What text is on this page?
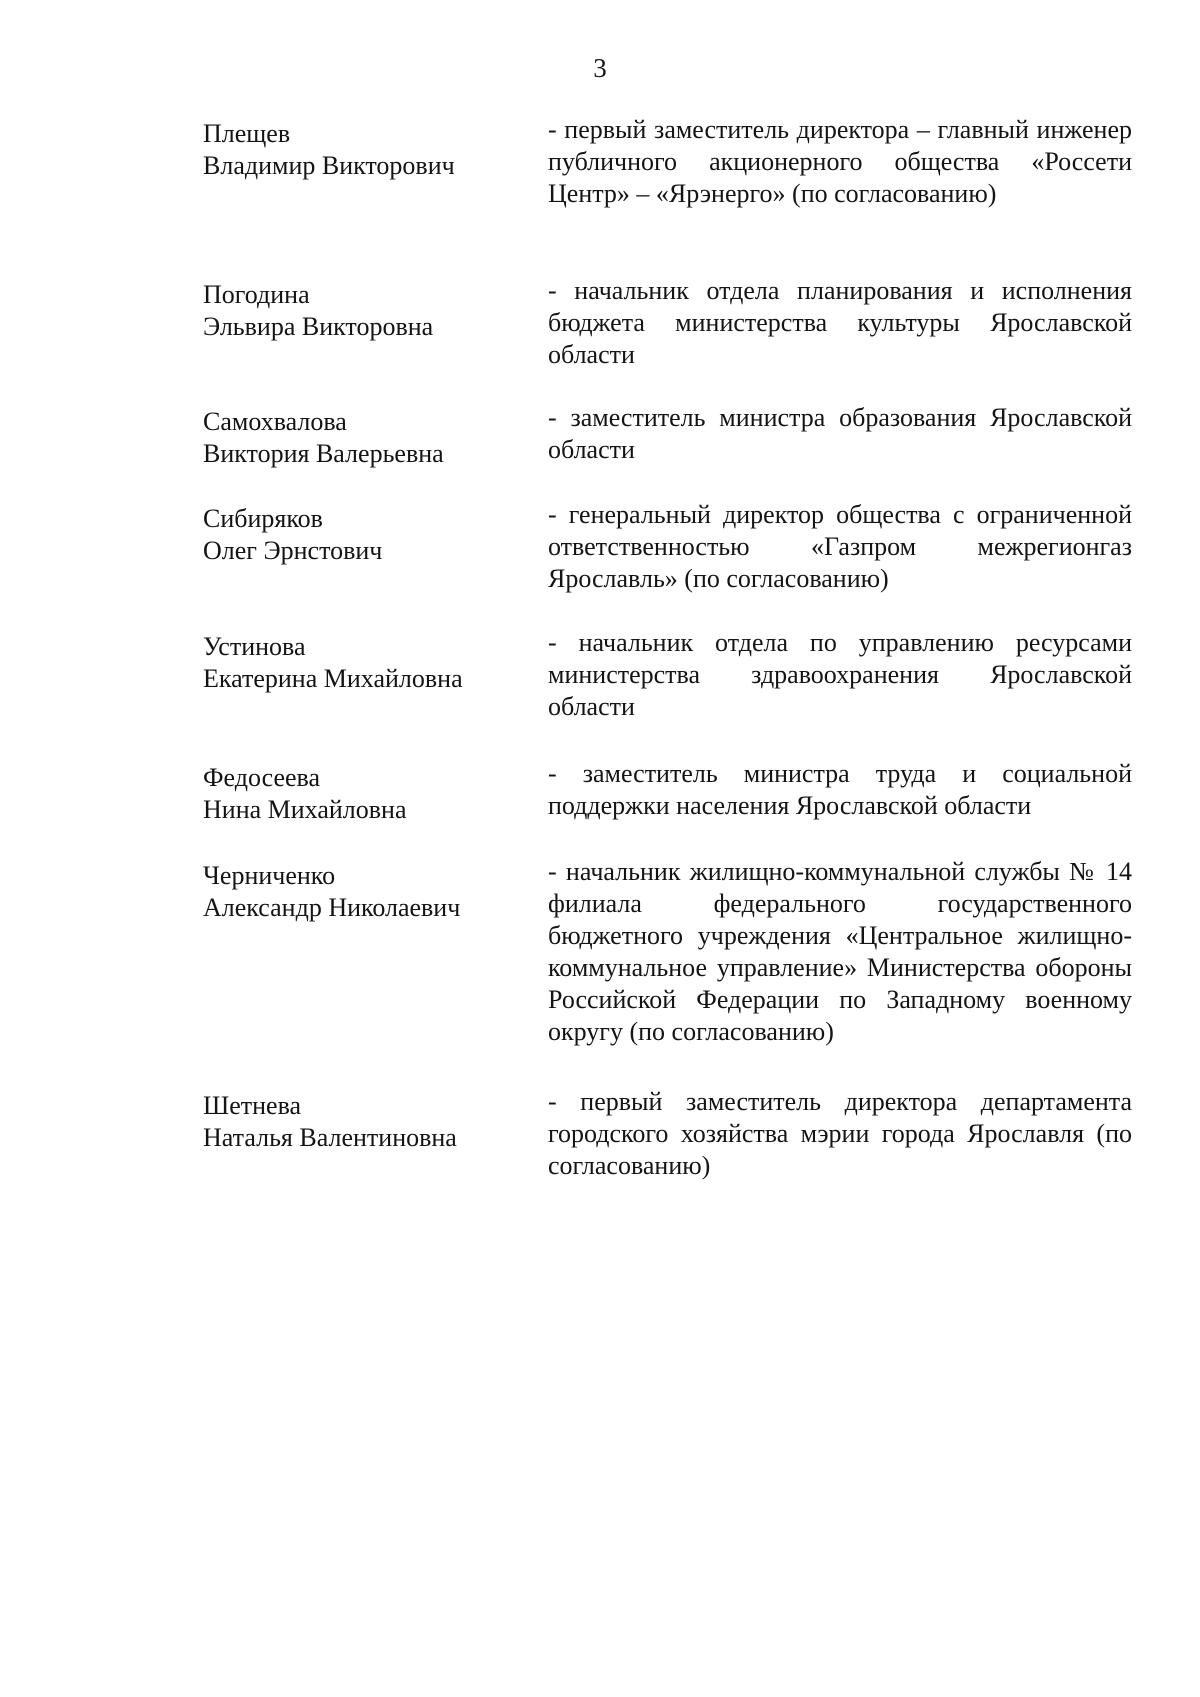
3
Плещев
Владимир Викторович
- первый заместитель директора – главный инженер публичного акционерного общества «Россети Центр» – «Ярэнерго» (по согласованию)
Погодина
Эльвира Викторовна
- начальник отдела планирования и исполнения бюджета министерства культуры Ярославской области
Самохвалова
Виктория Валерьевна
- заместитель министра образования Ярославской области
Сибиряков
Олег Эрнстович
- генеральный директор общества с ограниченной ответственностью «Газпром межрегионгаз Ярославль» (по согласованию)
Устинова
Екатерина Михайловна
- начальник отдела по управлению ресурсами министерства здравоохранения Ярославской области
Федосеева
Нина Михайловна
- заместитель министра труда и социальной поддержки населения Ярославской области
Черниченко
Александр Николаевич
- начальник жилищно-коммунальной службы № 14 филиала федерального государственного бюджетного учреждения «Центральное жилищно-коммунальное управление» Министерства обороны Российской Федерации по Западному военному округу (по согласованию)
Шетнева
Наталья Валентиновна
- первый заместитель директора департамента городского хозяйства мэрии города Ярославля (по согласованию)
